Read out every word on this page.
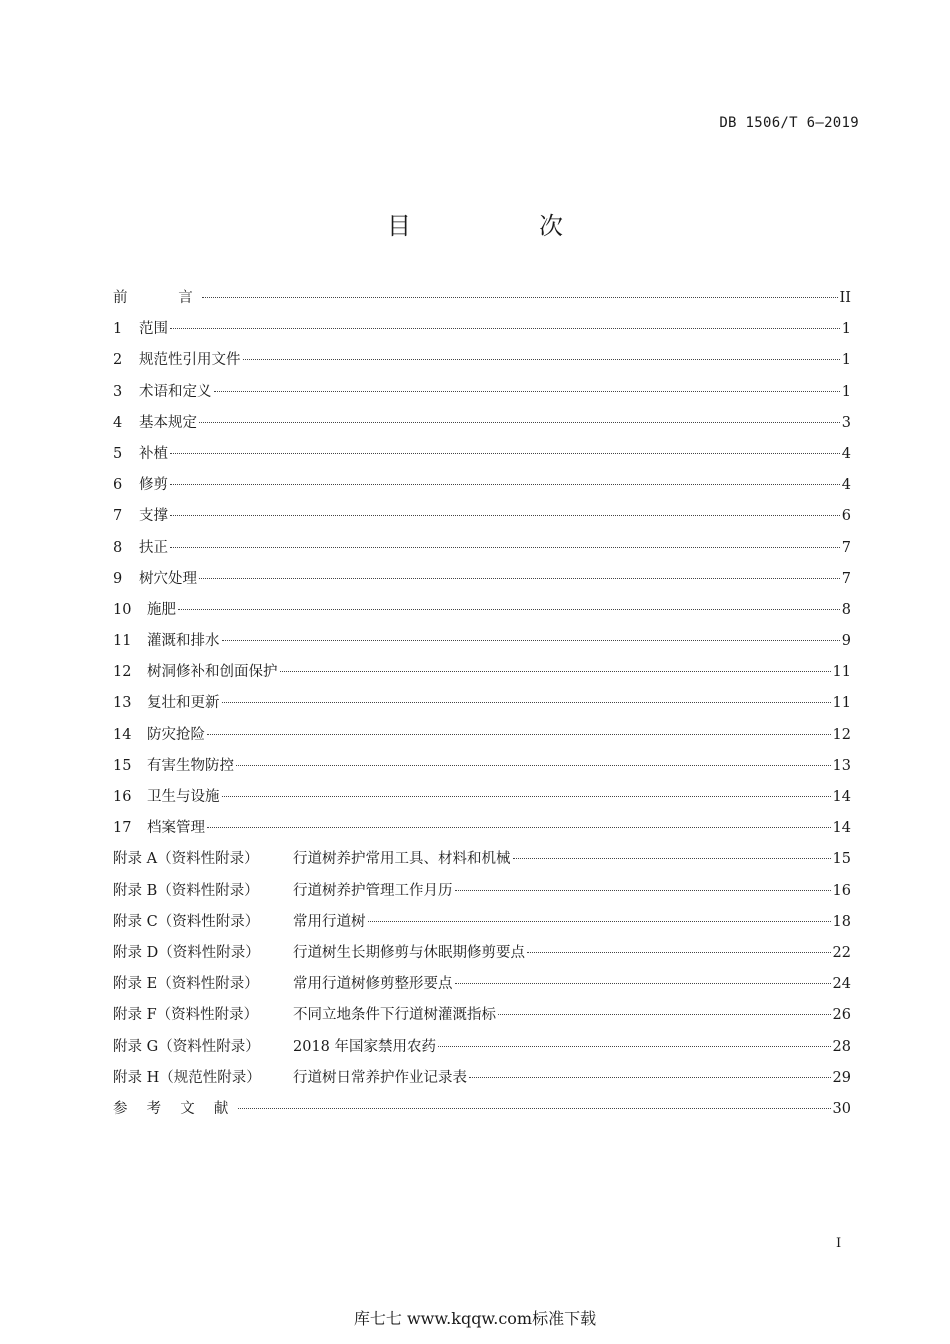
DB 1506/T 6—2019
目　次
前　　言	II
1 范围	1
2 规范性引用文件	1
3 术语和定义	1
4 基本规定	3
5 补植	4
6 修剪	4
7 支撑	6
8 扶正	7
9 树穴处理	7
10 施肥	8
11 灌溉和排水	9
12 树洞修补和创面保护	11
13 复壮和更新	11
14 防灾抢险	12
15 有害生物防控	13
16 卫生与设施	14
17 档案管理	14
附录 A（资料性附录） 行道树养护常用工具、材料和机械	15
附录 B（资料性附录） 行道树养护管理工作月历	16
附录 C（资料性附录） 常用行道树	18
附录 D（资料性附录） 行道树生长期修剪与休眠期修剪要点	22
附录 E（资料性附录） 常用行道树修剪整形要点	24
附录 F（资料性附录） 不同立地条件下行道树灌溉指标	26
附录 G（资料性附录） 2018 年国家禁用农药	28
附录 H（规范性附录） 行道树日常养护作业记录表	29
参 考 文 献	30
I
库七七 www.kqqw.com标准下载
